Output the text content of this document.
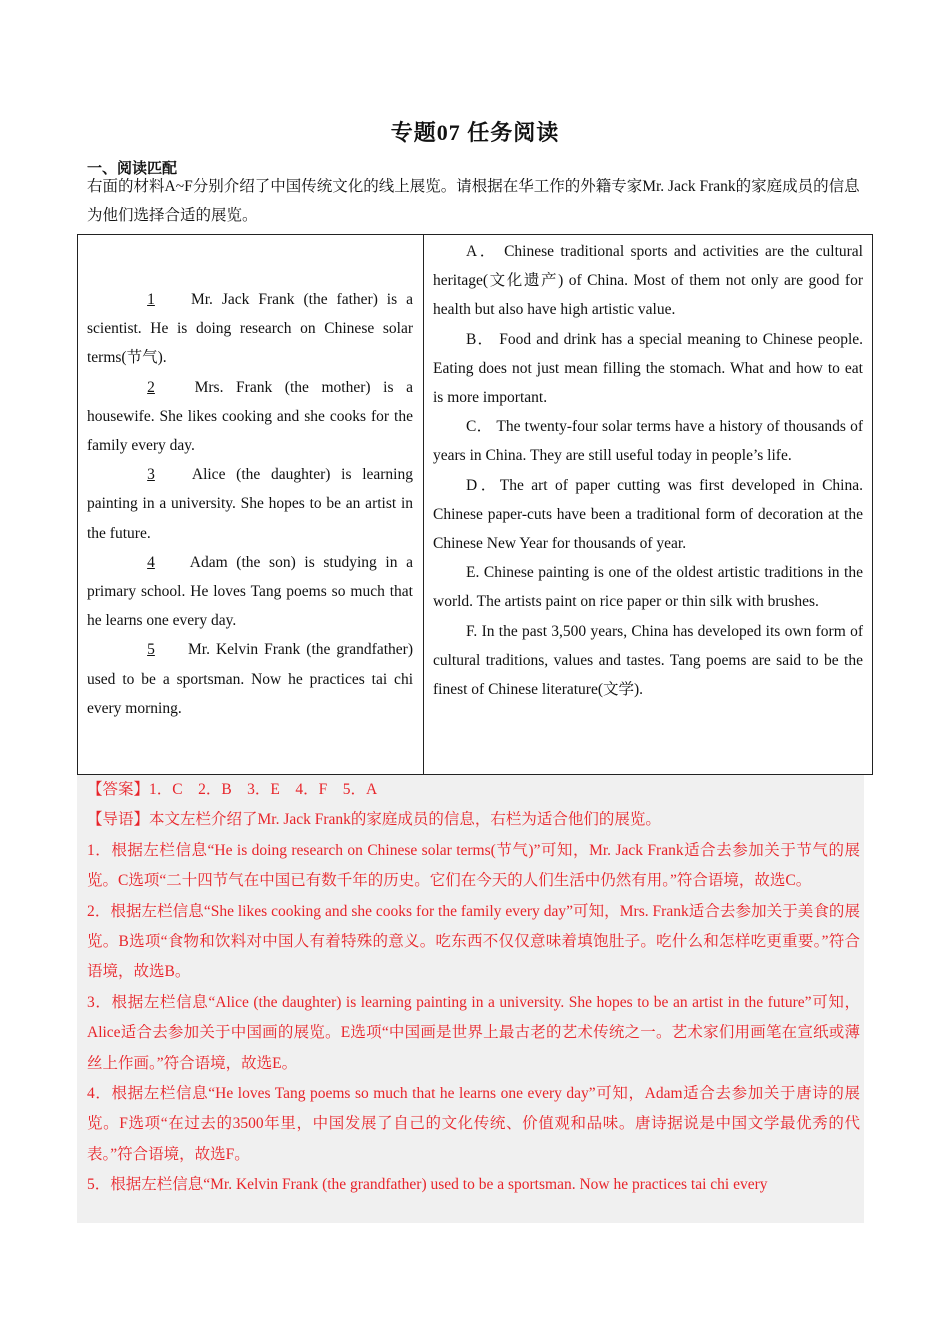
专题07 任务阅读
一、阅读匹配
右面的材料A~F分别介绍了中国传统文化的线上展览。请根据在华工作的外籍专家Mr. Jack Frank的家庭成员的信息为他们选择合适的展览。

1 Mr. Jack Frank (the father) is a scientist. He is doing research on Chinese solar terms(节气).

2 Mrs. Frank (the mother) is a housewife. She likes cooking and she cooks for the family every day.

3 Alice (the daughter) is learning painting in a university. She hopes to be an artist in the future.

4 Adam (the son) is studying in a primary school. He loves Tang poems so much that he learns one every day.

5 Mr. Kelvin Frank (the grandfather) used to be a sportsman. Now he practices tai chi every morning.

A． Chinese traditional sports and activities are the cultural heritage(文化遗产) of China. Most of them not only are good for health but also have high artistic value.

B． Food and drink has a special meaning to Chinese people. Eating does not just mean filling the stomach. What and how to eat is more important.

C． The twenty-four solar terms have a history of thousands of years in China. They are still useful today in people’s life.

D．The art of paper cutting was first developed in China. Chinese paper-cuts have been a traditional form of decoration at the Chinese New Year for thousands of year.

E. Chinese painting is one of the oldest artistic traditions in the world. The artists paint on rice paper or thin silk with brushes.

F. In the past 3,500 years, China has developed its own form of cultural traditions, values and tastes. Tang poems are said to be the finest of Chinese literature(文学).

【答案】1．C　2．B　3．E　4．F　5．A

【导语】本文左栏介绍了Mr. Jack Frank的家庭成员的信息，右栏为适合他们的展览。

1．根据左栏信息“He is doing research on Chinese solar terms(节气)”可知，Mr. Jack Frank适合去参加关于节气的展览。C选项“二十四节气在中国已有数千年的历史。它们在今天的人们生活中仍然有用。”符合语境，故选C。

2．根据左栏信息“She likes cooking and she cooks for the family every day”可知，Mrs. Frank适合去参加关于美食的展览。B选项“食物和饮料对中国人有着特殊的意义。吃东西不仅仅意味着填饱肚子。吃什么和怎样吃更重要。”符合语境，故选B。

3．根据左栏信息“Alice (the daughter) is learning painting in a university. She hopes to be an artist in the future”可知，Alice适合去参加关于中国画的展览。E选项“中国画是世界上最古老的艺术传统之一。艺术家们用画笔在宣纸或薄丝上作画。”符合语境，故选E。

4．根据左栏信息“He loves Tang poems so much that he learns one every day”可知，Adam适合去参加关于唐诗的展览。F选项“在过去的3500年里，中国发展了自己的文化传统、价值观和品味。唐诗据说是中国文学最优秀的代表。”符合语境，故选F。

5．根据左栏信息“Mr. Kelvin Frank (the grandfather) used to be a sportsman. Now he practices tai chi every
